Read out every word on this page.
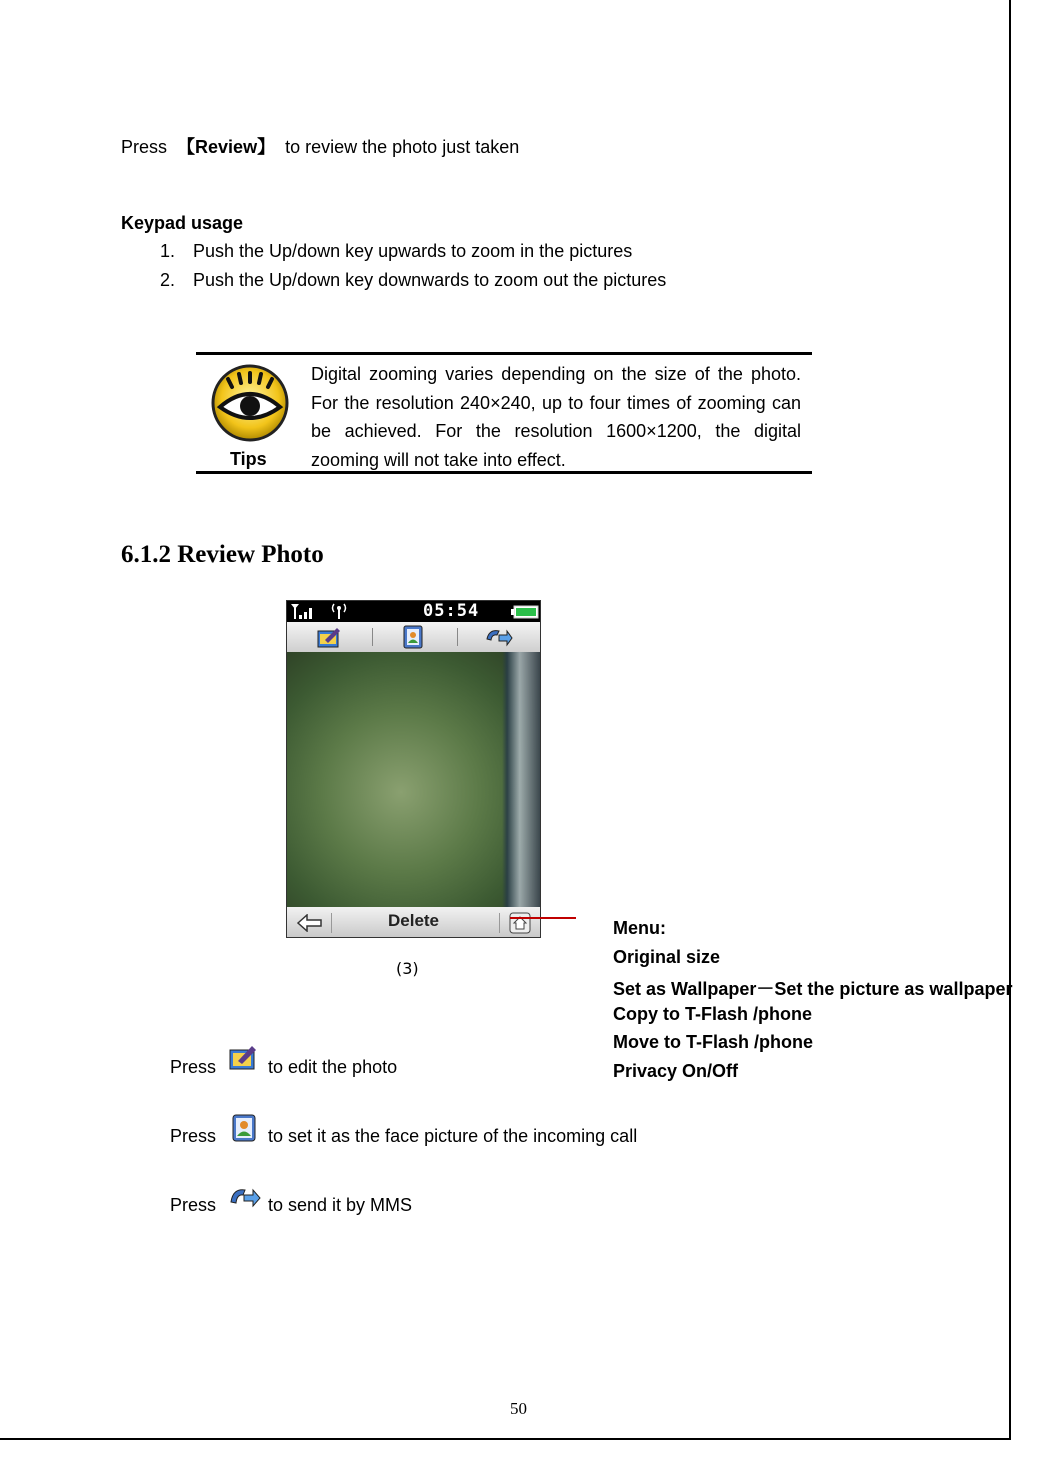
Press 【Review】 to review the photo just taken
Keypad usage
1. Push the Up/down key upwards to zoom in the pictures
2. Push the Up/down key downwards to zoom out the pictures
Tips
Digital zooming varies depending on the size of the photo. For the resolution 240×240, up to four times of zooming can be achieved. For the resolution 1600×1200, the digital zooming will not take into effect.
6.1.2 Review Photo
05:54
Delete
(3)
Menu:
Original size
Set as Wallpaper－Set the picture as wallpaper
Copy to T-Flash /phone
Move to T-Flash /phone
Privacy On/Off
Press	to edit the photo
Press	to set it as the face picture of the incoming call
Press	to send it by MMS
50
